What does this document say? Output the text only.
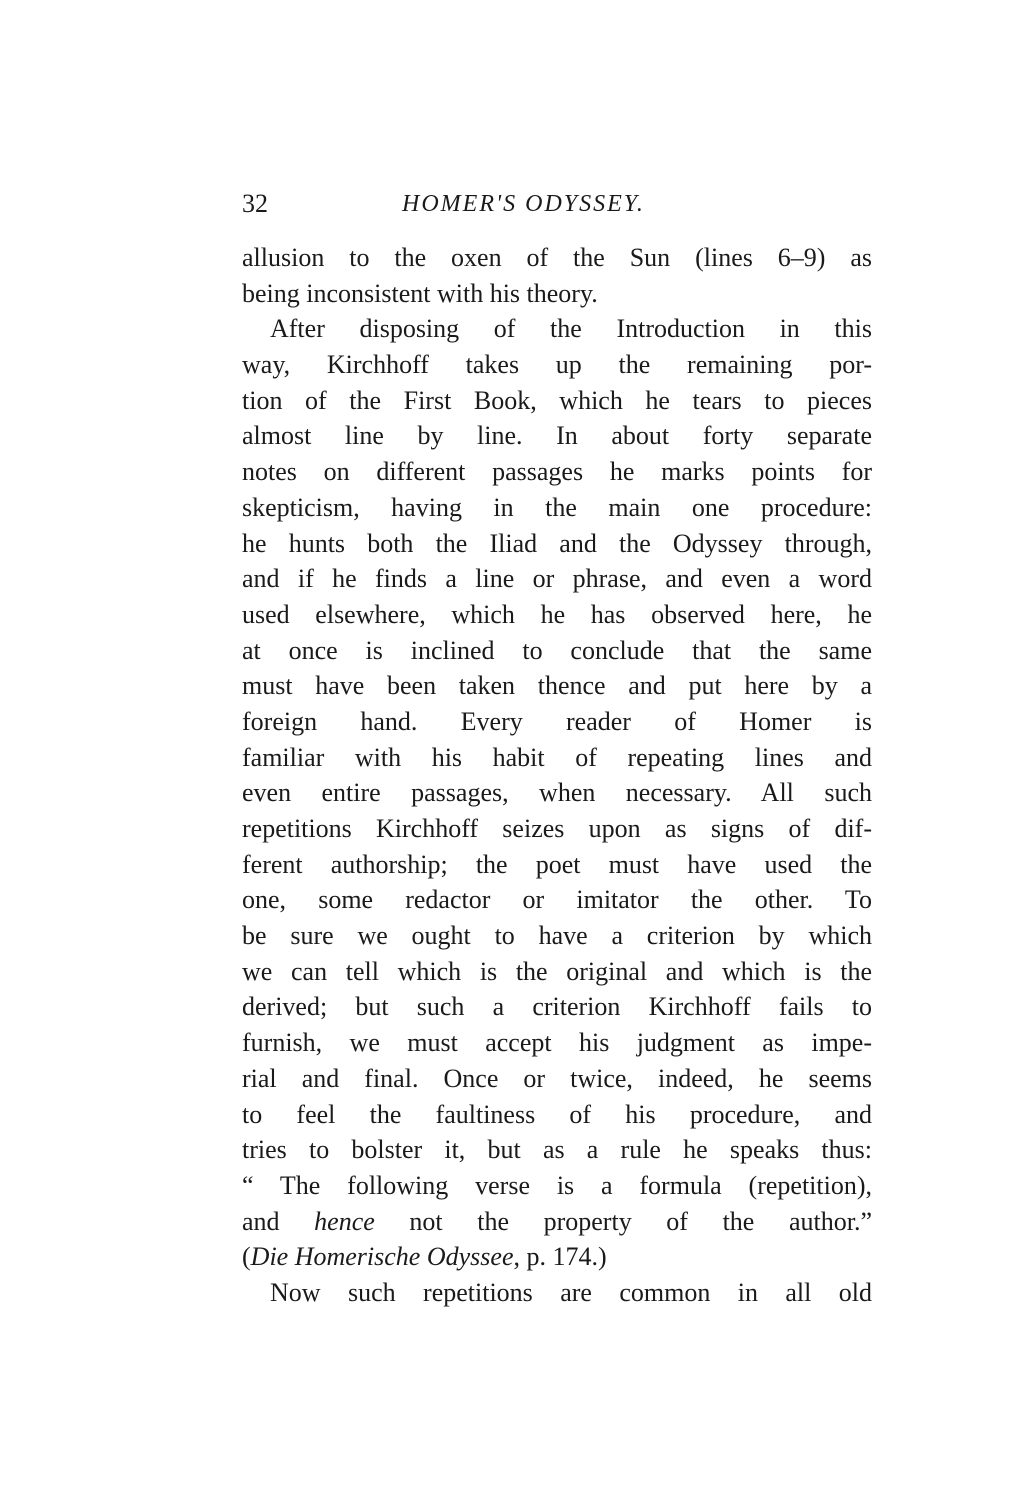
32	HOMER'S ODYSSEY.
allusion to the oxen of the Sun (lines 6–9) as
being inconsistent with his theory.
After disposing of the Introduction in this
way, Kirchhoff takes up the remaining por-
tion of the First Book, which he tears to pieces
almost line by line. In about forty separate
notes on different passages he marks points for
skepticism, having in the main one procedure:
he hunts both the Iliad and the Odyssey through,
and if he finds a line or phrase, and even a word
used elsewhere, which he has observed here, he
at once is inclined to conclude that the same
must have been taken thence and put here by a
foreign hand. Every reader of Homer is
familiar with his habit of repeating lines and
even entire passages, when necessary. All such
repetitions Kirchhoff seizes upon as signs of dif-
ferent authorship; the poet must have used the
one, some redactor or imitator the other. To
be sure we ought to have a criterion by which
we can tell which is the original and which is the
derived; but such a criterion Kirchhoff fails to
furnish, we must accept his judgment as impe-
rial and final. Once or twice, indeed, he seems
to feel the faultiness of his procedure, and
tries to bolster it, but as a rule he speaks thus:
“ The following verse is a formula (repetition),
and hence not the property of the author.”
(Die Homerische Odyssee, p. 174.)
Now such repetitions are common in all old
